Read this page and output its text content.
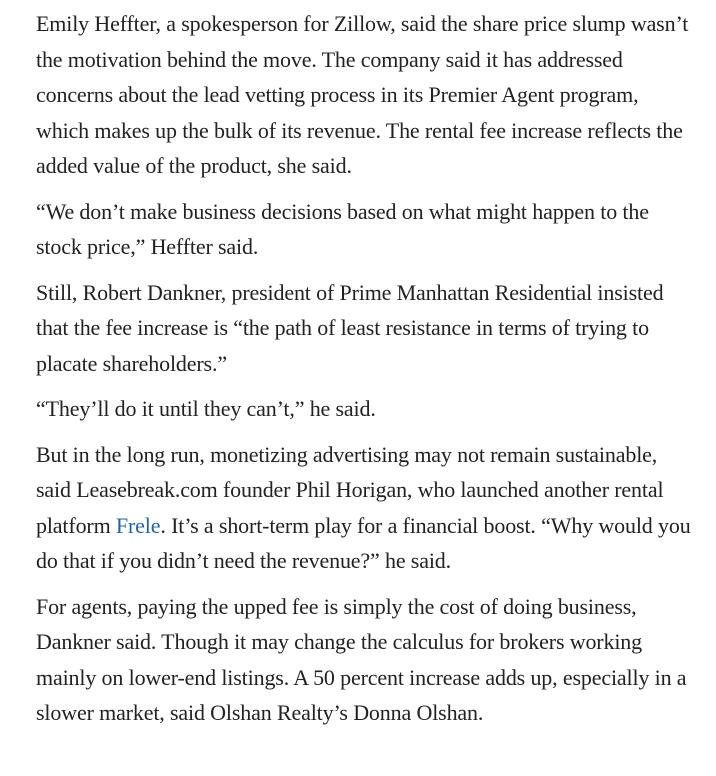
Emily Heffter, a spokesperson for Zillow, said the share price slump wasn’t the motivation behind the move. The company said it has addressed concerns about the lead vetting process in its Premier Agent program, which makes up the bulk of its revenue. The rental fee increase reflects the added value of the product, she said.

“We don’t make business decisions based on what might happen to the stock price,” Heffter said.

Still, Robert Dankner, president of Prime Manhattan Residential insisted that the fee increase is “the path of least resistance in terms of trying to placate shareholders.”

“They’ll do it until they can’t,” he said.

But in the long run, monetizing advertising may not remain sustainable, said Leasebreak.com founder Phil Horigan, who launched another rental platform Frele. It’s a short-term play for a financial boost. “Why would you do that if you didn’t need the revenue?” he said.

For agents, paying the upped fee is simply the cost of doing business, Dankner said. Though it may change the calculus for brokers working mainly on lower-end listings. A 50 percent increase adds up, especially in a slower market, said Olshan Realty’s Donna Olshan.
